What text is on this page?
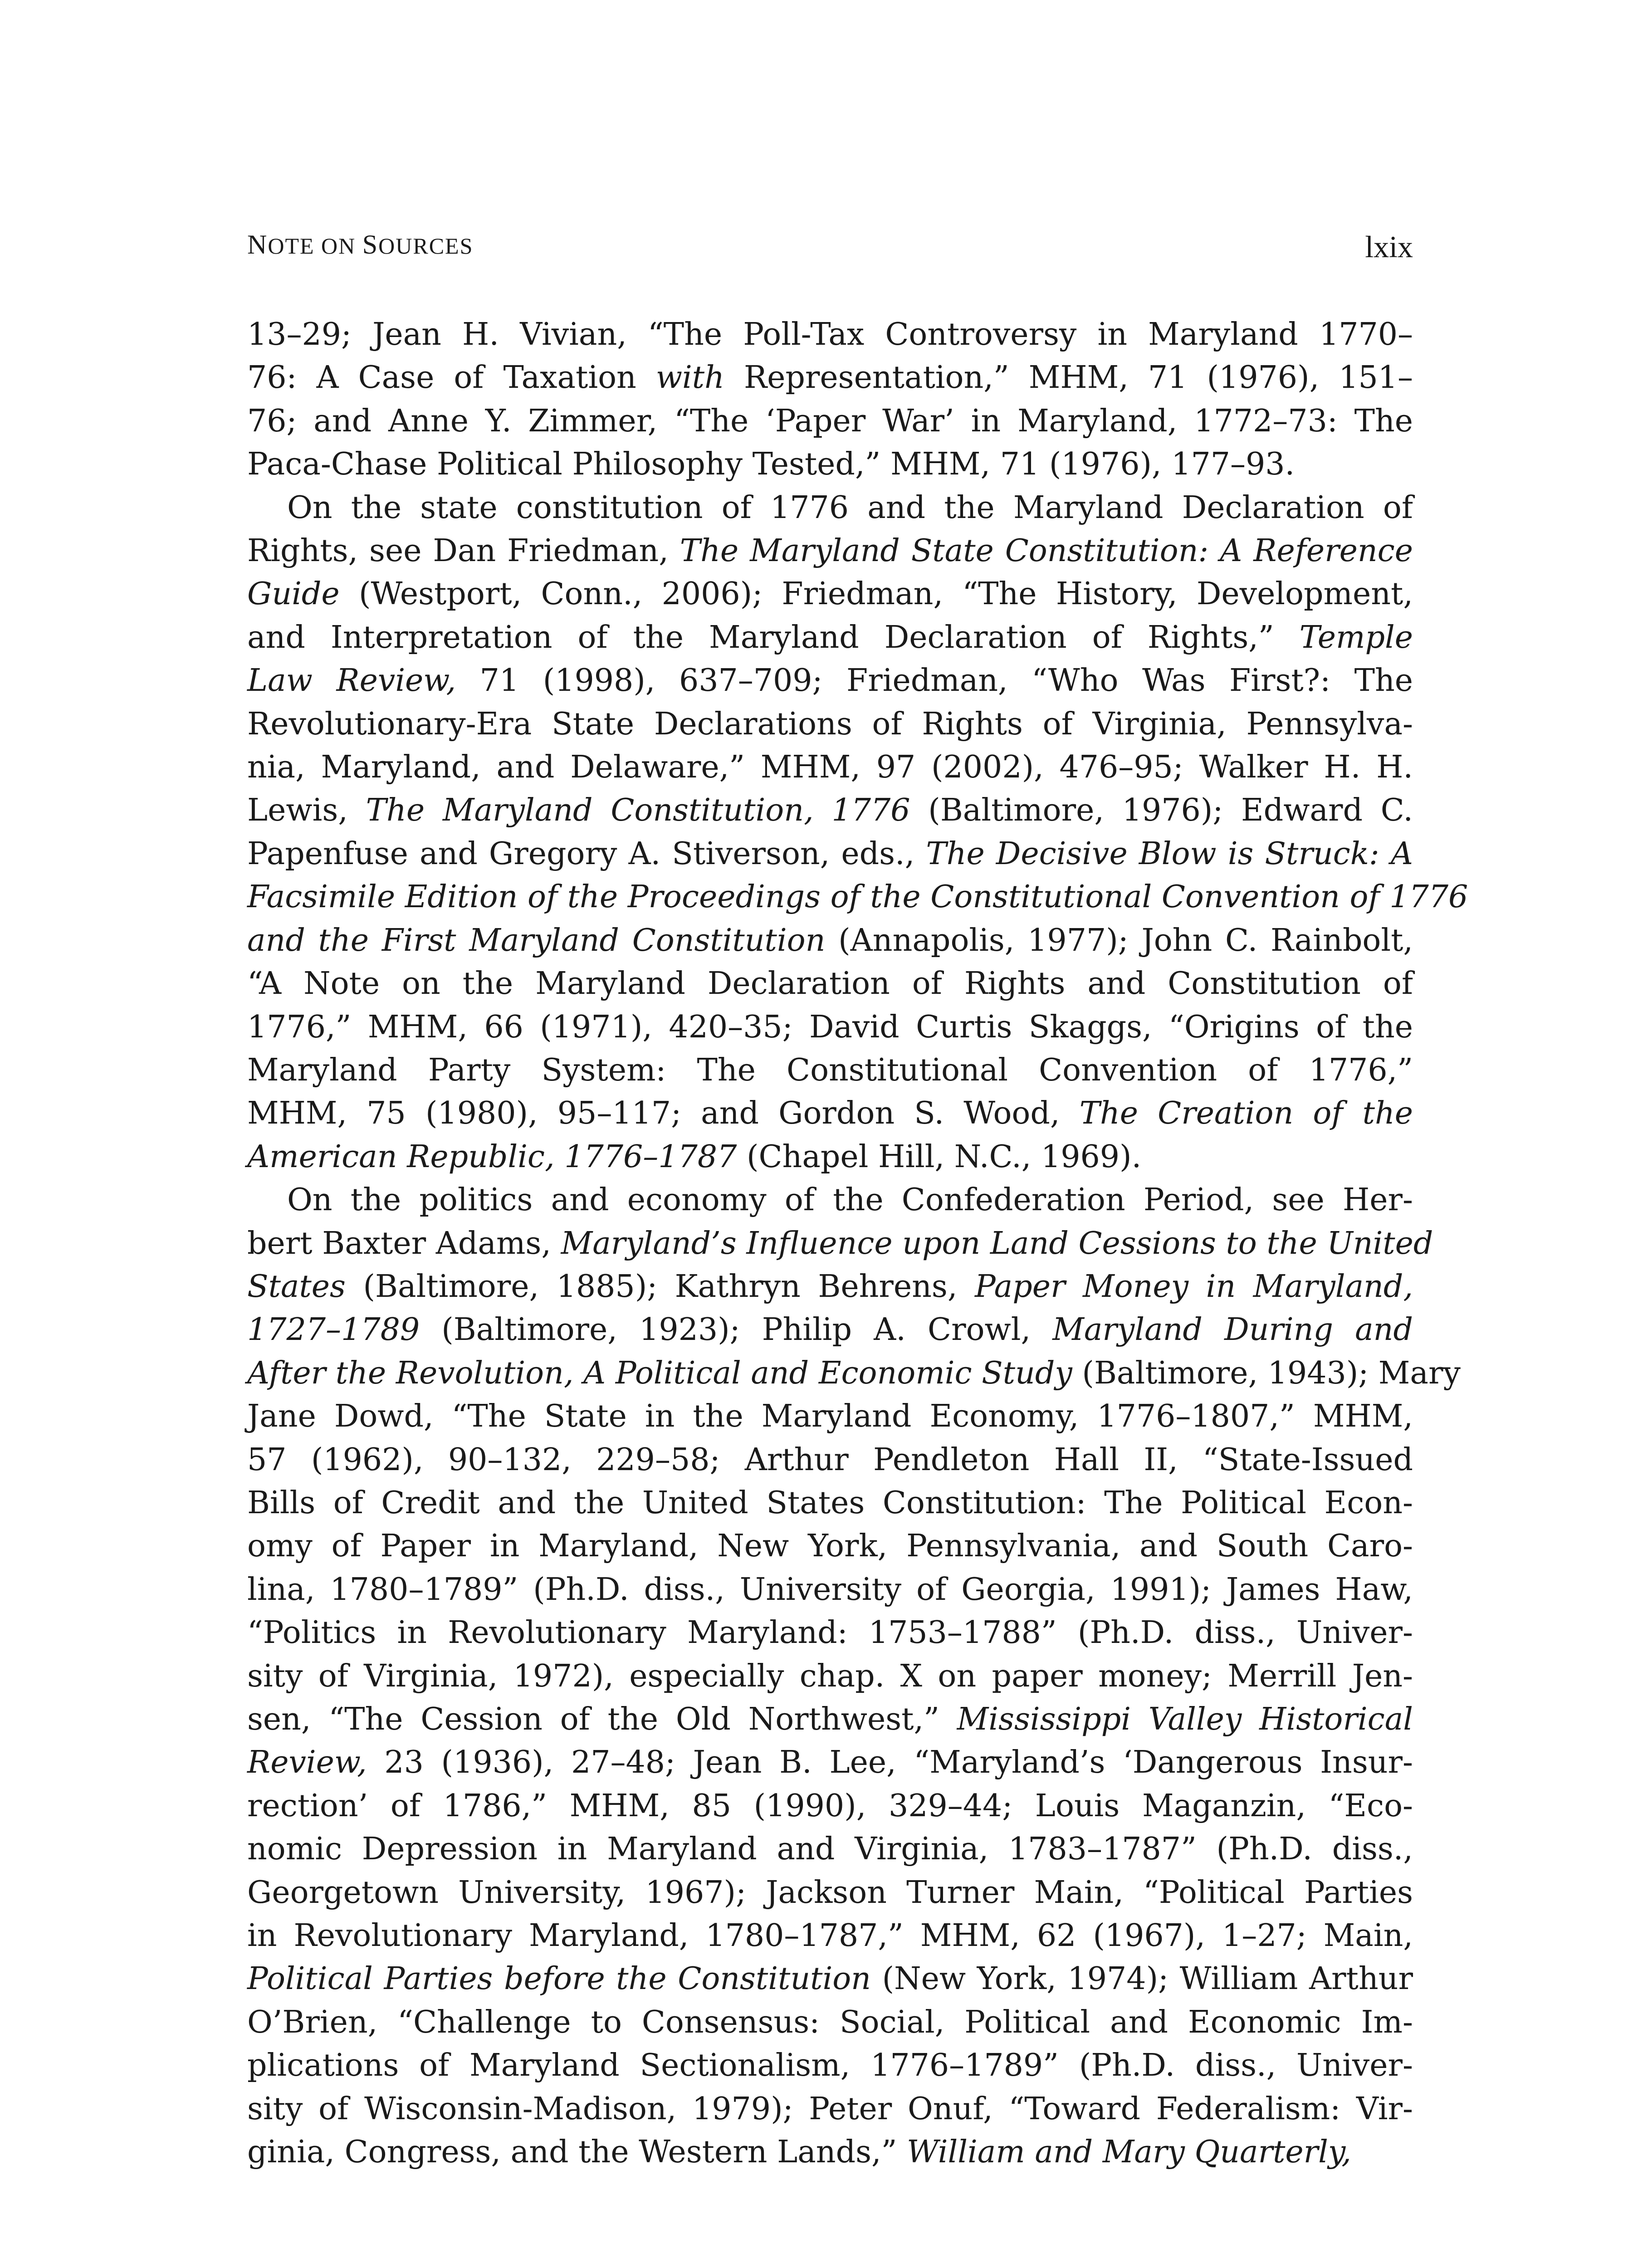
NOTE ON SOURCES	lxix
13–29; Jean H. Vivian, “The Poll-Tax Controversy in Maryland 1770–
76: A Case of Taxation with Representation,” MHM, 71 (1976), 151–
76; and Anne Y. Zimmer, “The ‘Paper War’ in Maryland, 1772–73: The
Paca-Chase Political Philosophy Tested,” MHM, 71 (1976), 177–93.
On the state constitution of 1776 and the Maryland Declaration of
Rights, see Dan Friedman, The Maryland State Constitution: A Reference
Guide (Westport, Conn., 2006); Friedman, “The History, Development,
and Interpretation of the Maryland Declaration of Rights,” Temple
Law Review, 71 (1998), 637–709; Friedman, “Who Was First?: The
Revolutionary-Era State Declarations of Rights of Virginia, Pennsylva-
nia, Maryland, and Delaware,” MHM, 97 (2002), 476–95; Walker H. H.
Lewis, The Maryland Constitution, 1776 (Baltimore, 1976); Edward C.
Papenfuse and Gregory A. Stiverson, eds., The Decisive Blow is Struck: A
Facsimile Edition of the Proceedings of the Constitutional Convention of 1776
and the First Maryland Constitution (Annapolis, 1977); John C. Rainbolt,
“A Note on the Maryland Declaration of Rights and Constitution of
1776,” MHM, 66 (1971), 420–35; David Curtis Skaggs, “Origins of the
Maryland Party System: The Constitutional Convention of 1776,”
MHM, 75 (1980), 95–117; and Gordon S. Wood, The Creation of the
American Republic, 1776–1787 (Chapel Hill, N.C., 1969).
On the politics and economy of the Confederation Period, see Her-
bert Baxter Adams, Maryland’s Influence upon Land Cessions to the United
States (Baltimore, 1885); Kathryn Behrens, Paper Money in Maryland,
1727–1789 (Baltimore, 1923); Philip A. Crowl, Maryland During and
After the Revolution, A Political and Economic Study (Baltimore, 1943); Mary
Jane Dowd, “The State in the Maryland Economy, 1776–1807,” MHM,
57 (1962), 90–132, 229–58; Arthur Pendleton Hall II, “State-Issued
Bills of Credit and the United States Constitution: The Political Econ-
omy of Paper in Maryland, New York, Pennsylvania, and South Caro-
lina, 1780–1789” (Ph.D. diss., University of Georgia, 1991); James Haw,
“Politics in Revolutionary Maryland: 1753–1788” (Ph.D. diss., Univer-
sity of Virginia, 1972), especially chap. X on paper money; Merrill Jen-
sen, “The Cession of the Old Northwest,” Mississippi Valley Historical
Review, 23 (1936), 27–48; Jean B. Lee, “Maryland’s ‘Dangerous Insur-
rection’ of 1786,” MHM, 85 (1990), 329–44; Louis Maganzin, “Eco-
nomic Depression in Maryland and Virginia, 1783–1787” (Ph.D. diss.,
Georgetown University, 1967); Jackson Turner Main, “Political Parties
in Revolutionary Maryland, 1780–1787,” MHM, 62 (1967), 1–27; Main,
Political Parties before the Constitution (New York, 1974); William Arthur
O’Brien, “Challenge to Consensus: Social, Political and Economic Im-
plications of Maryland Sectionalism, 1776–1789” (Ph.D. diss., Univer-
sity of Wisconsin-Madison, 1979); Peter Onuf, “Toward Federalism: Vir-
ginia, Congress, and the Western Lands,” William and Mary Quarterly,
